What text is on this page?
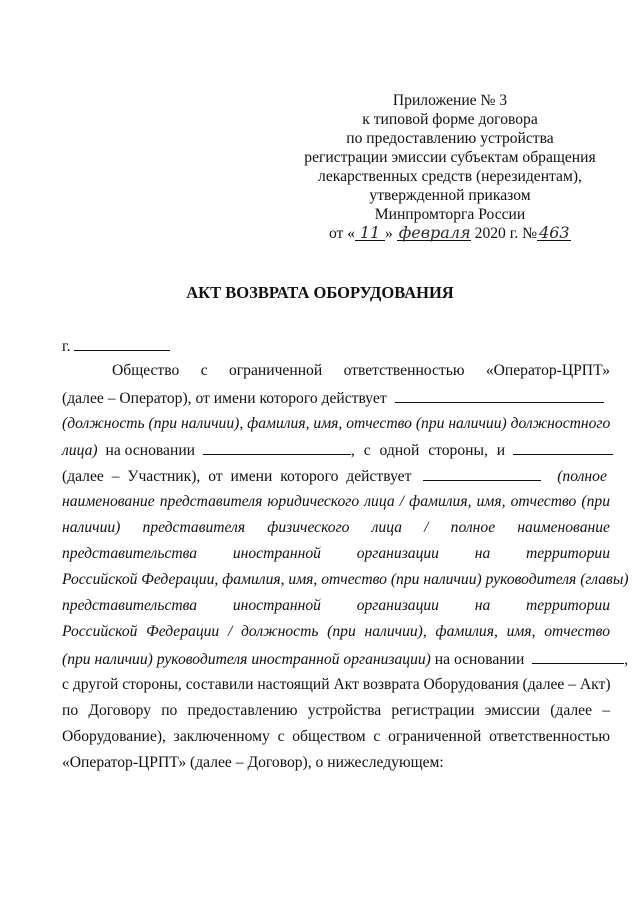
Приложение № 3
к типовой форме договора
по предоставлению устройства
регистрации эмиссии субъектам обращения
лекарственных средств (нерезидентам),
утвержденной приказом
Минпромторга России
от « 11 » февраля 2020 г. № 463
АКТ ВОЗВРАТА ОБОРУДОВАНИЯ
г.
Общество с ограниченной ответственностью «Оператор-ЦРПТ»
(далее – Оператор), от имени которого действует
(должность (при наличии), фамилия, имя, отчество (при наличии) должностного
лица) на основании	, с одной стороны, и
(далее – Участник), от имени которого действует	(полное
наименование представителя юридического лица / фамилия, имя, отчество (при
наличии) представителя физического лица / полное наименование
представительства иностранной организации на территории
Российской Федерации, фамилия, имя, отчество (при наличии) руководителя (главы)
представительства иностранной организации на территории
Российской Федерации / должность (при наличии), фамилия, имя, отчество
(при наличии) руководителя иностранной организации) на основании	,
с другой стороны, составили настоящий Акт возврата Оборудования (далее – Акт)
по Договору по предоставлению устройства регистрации эмиссии (далее –
Оборудование), заключенному с обществом с ограниченной ответственностью
«Оператор-ЦРПТ» (далее – Договор), о нижеследующем:
